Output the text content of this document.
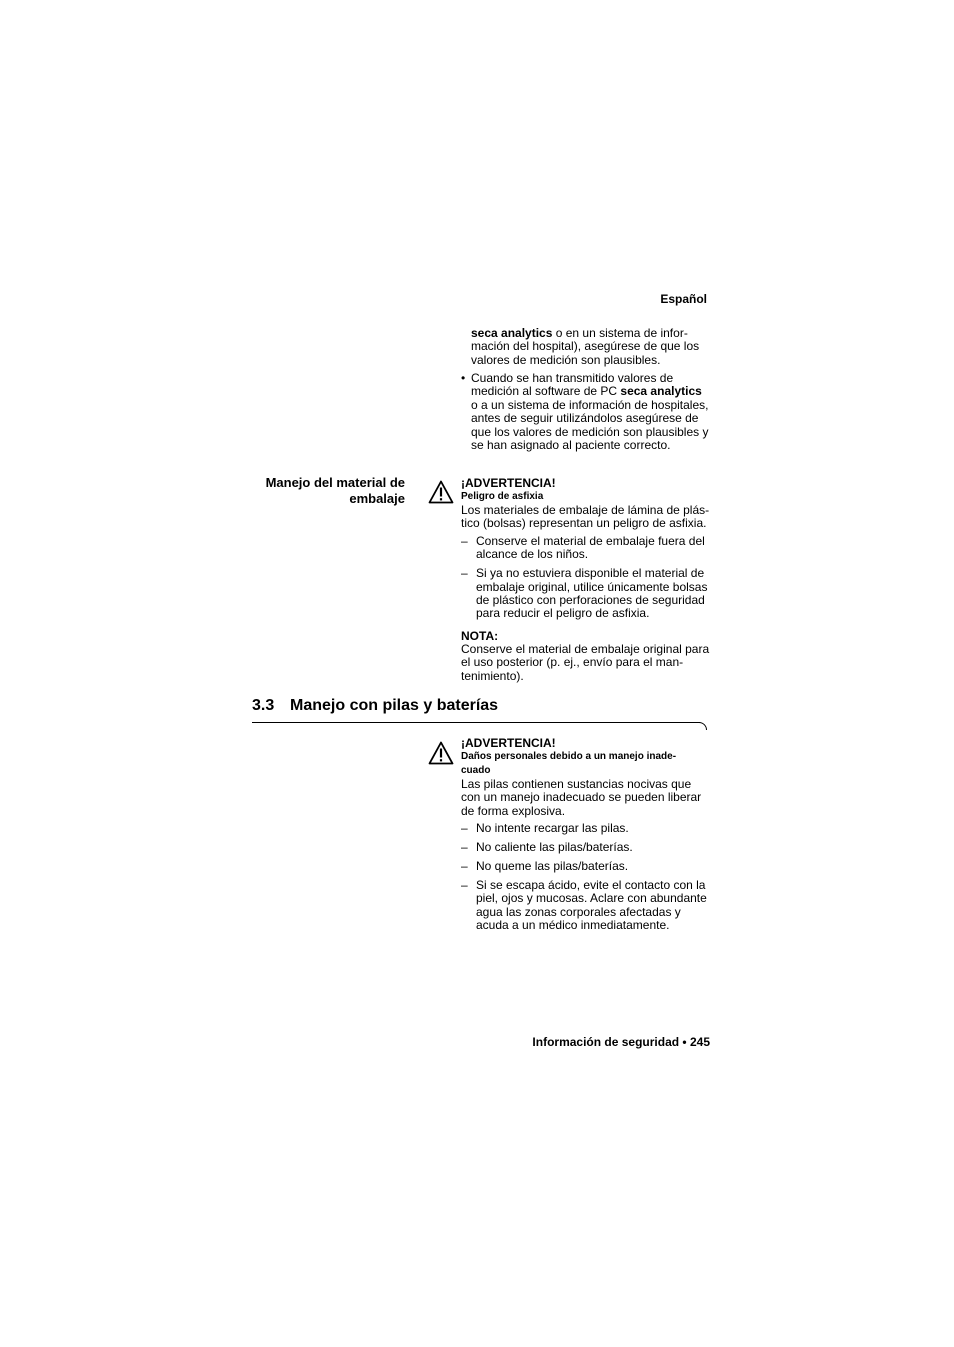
Español

seca analytics o en un sistema de infor-mación del hospital), asegúrese de que los valores de medición son plausibles.

• Cuando se han transmitido valores de medición al software de PC seca analytics o a un sistema de información de hospitales, antes de seguir utilizándolos asegúrese de que los valores de medición son plausibles y se han asignado al paciente correcto.
Manejo del material de
embalaje
¡ADVERTENCIA!
Peligro de asfixia

Los materiales de embalaje de lámina de plás-tico (bolsas) representan un peligro de asfixia.

– Conserve el material de embalaje fuera del alcance de los niños.
– Si ya no estuviera disponible el material de embalaje original, utilice únicamente bolsas de plástico con perforaciones de seguridad para reducir el peligro de asfixia.
NOTA:

Conserve el material de embalaje original para el uso posterior (p. ej., envío para el man-tenimiento).

3.3 Manejo con pilas y baterías
¡ADVERTENCIA!
Daños personales debido a un manejo inade-cuado

Las pilas contienen sustancias nocivas que con un manejo inadecuado se pueden liberar de forma explosiva.

– No intente recargar las pilas.
– No caliente las pilas/baterías.
– No queme las pilas/baterías.
– Si se escapa ácido, evite el contacto con la piel, ojos y mucosas. Aclare con abundante agua las zonas corporales afectadas y acuda a un médico inmediatamente.
Información de seguridad • 245
